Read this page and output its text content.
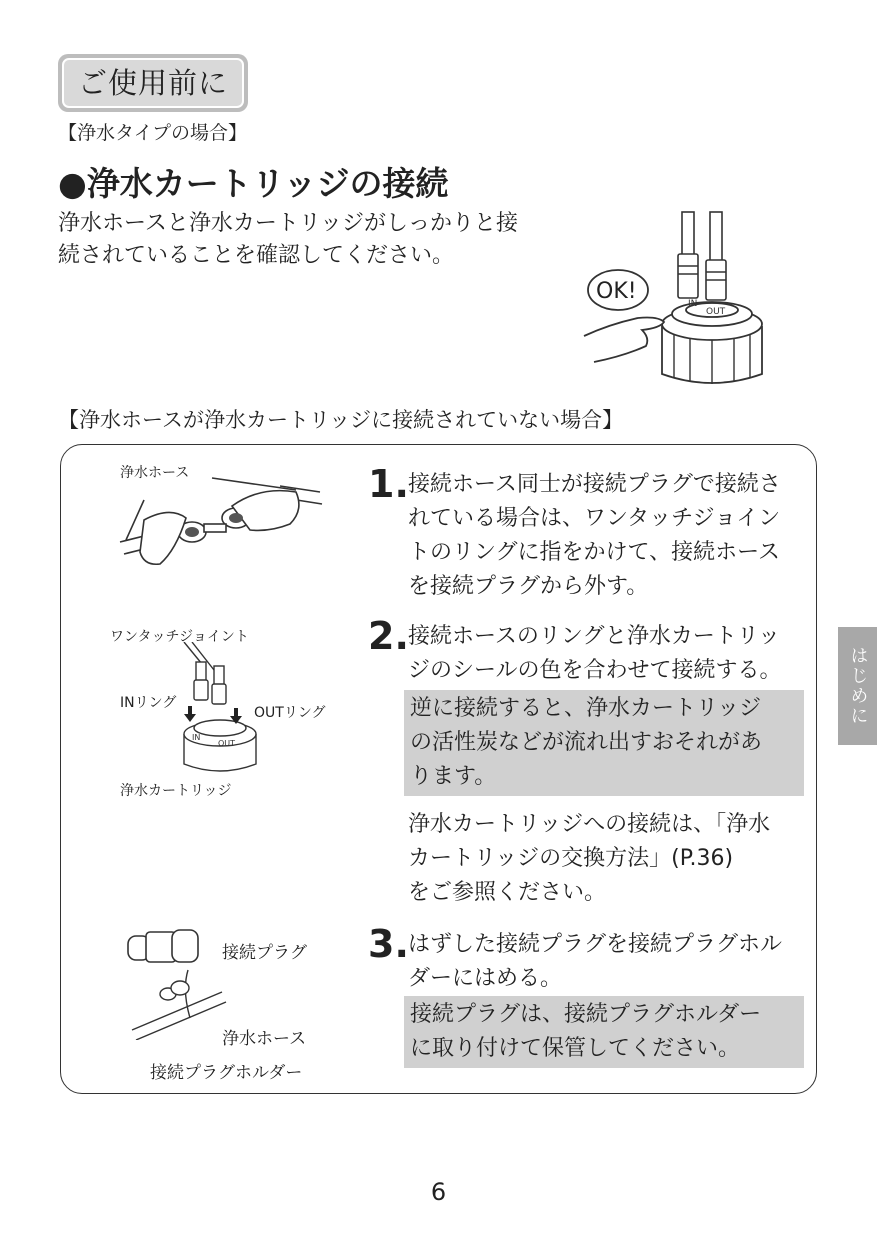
ご使用前に
【浄水タイプの場合】
●浄水カートリッジの接続
浄水ホースと浄水カートリッジがしっかりと接
続されていることを確認してください。
IN
OUT
OK!
【浄水ホースが浄水カートリッジに接続されていない場合】
浄水ホース	1. 接続ホース同士が接続プラグで接続さ
れている場合は、ワンタッチジョイン
トのリングに指をかけて、接続ホース
を接続プラグから外す。
ワンタッチジョイント
INリング
OUTリング
浄水カートリッジ
IN
OUT
2. 接続ホースのリングと浄水カートリッ
ジのシールの色を合わせて接続する。
逆に接続すると、浄水カートリッジ
の活性炭などが流れ出すおそれがあ
ります。
浄水カートリッジへの接続は、「浄水
カートリッジの交換方法」(P.36)
をご参照ください。
接続プラグ
浄水ホース
接続プラグホルダー
3. はずした接続プラグを接続プラグホル
ダーにはめる。
接続プラグは、接続プラグホルダー
に取り付けて保管してください。
はじめに
6
